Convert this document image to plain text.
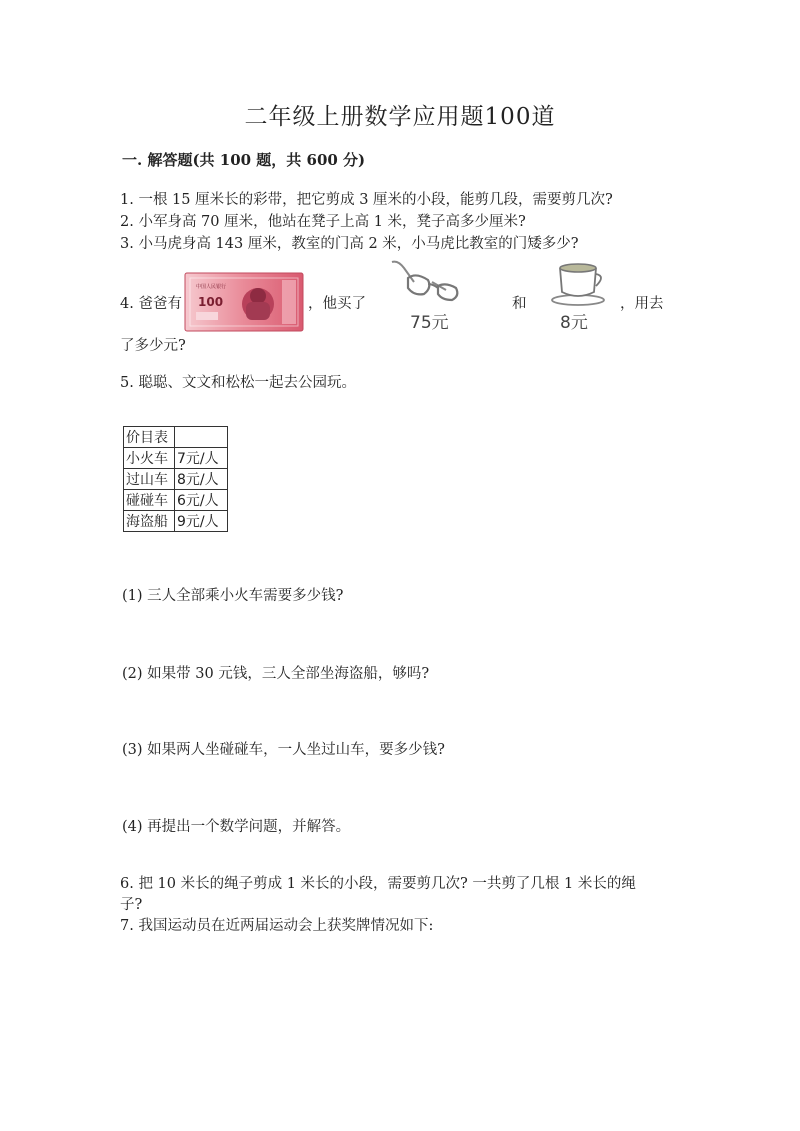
二年级上册数学应用题100道
一. 解答题(共 100 题，共 600 分)
1. 一根 15 厘米长的彩带，把它剪成 3 厘米的小段，能剪几段，需要剪几次?
2. 小军身高 70 厘米，他站在凳子上高 1 米，凳子高多少厘米?
3. 小马虎身高 143 厘米，教室的门高 2 米，小马虎比教室的门矮多少?
4. 爸爸有
中国人民银行
100	，他买了
75元
和
8元
，用去
了多少元?
5. 聪聪、文文和松松一起去公园玩。
价目表	
小火车	7元/人
过山车	8元/人
碰碰车	6元/人
海盗船	9元/人
(1) 三人全部乘小火车需要多少钱?
(2) 如果带 30 元钱，三人全部坐海盗船，够吗?
(3) 如果两人坐碰碰车，一人坐过山车，要多少钱?
(4) 再提出一个数学问题，并解答。
6. 把 10 米长的绳子剪成 1 米长的小段，需要剪几次? 一共剪了几根 1 米长的绳
子?
7. 我国运动员在近两届运动会上获奖牌情况如下:
